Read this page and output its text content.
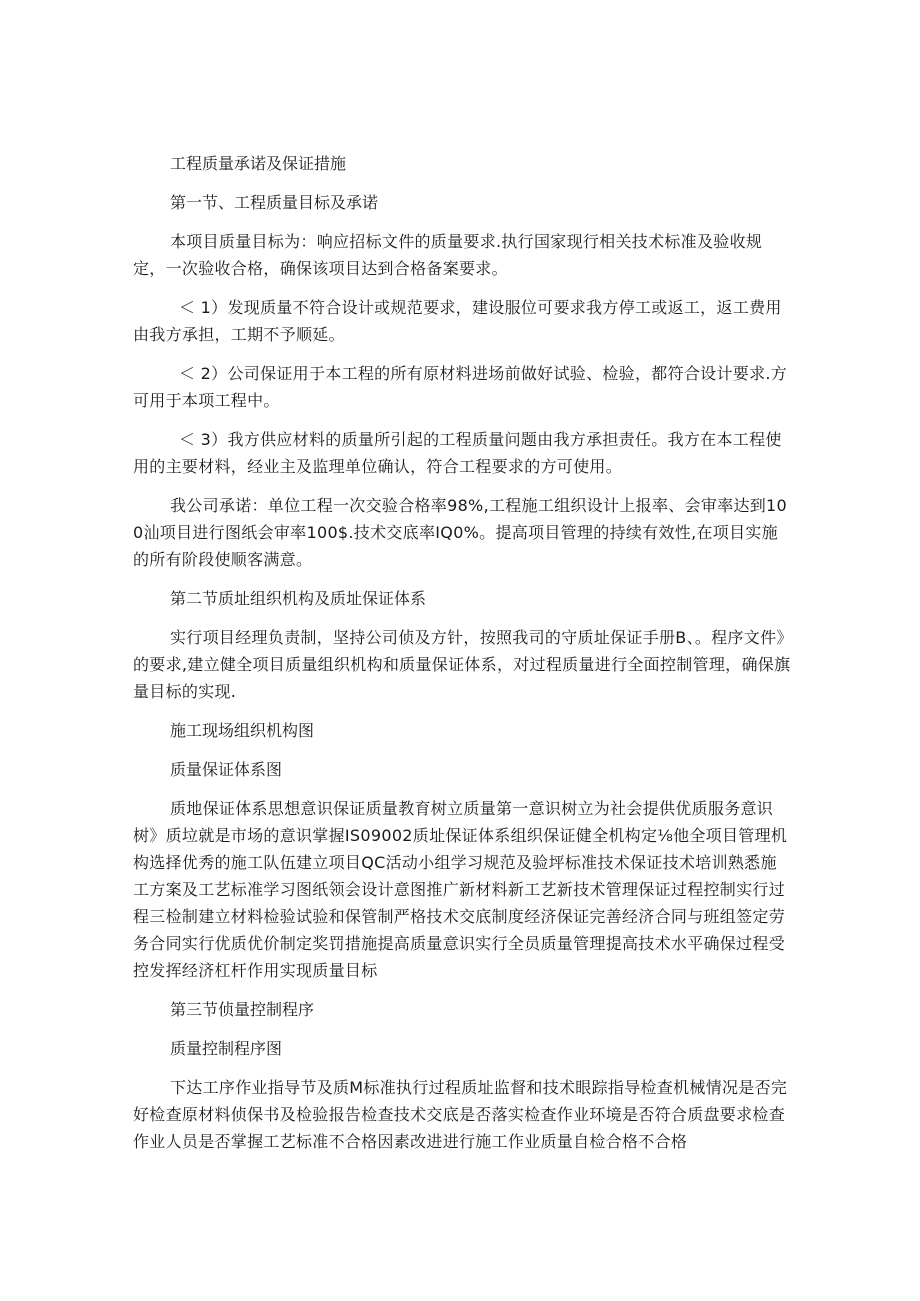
工程质量承诺及保证措施

第一节、工程质量目标及承诺

本项目质量目标为：响应招标文件的质量要求.执行国家现行相关技术标准及验收规定，一次验收合格，确保该项目达到合格备案要求。

＜ 1）发现质量不符合设计或规范要求，建设服位可要求我方停工或返工，返工费用由我方承担，工期不予顺延。

＜ 2）公司保证用于本工程的所有原材料进场前做好试验、检验，都符合设计要求.方可用于本项工程中。

＜ 3）我方供应材料的质量所引起的工程质量问题由我方承担责任。我方在本工程使用的主要材料，经业主及监理单位确认，符合工程要求的方可使用。

我公司承诺：单位工程一次交验合格率98%,工程施工组织设计上报率、会审率达到100汕项目进行图纸会审率100$.技术交底率IQ0%。提高项目管理的持续有效性,在项目实施的所有阶段使顺客满意。

第二节质址组织机构及质址保证体系

实行项目经理负责制，坚持公司侦及方针，按照我司的守质址保证手册B、。程序文件》的要求,建立健全项目质量组织机构和质量保证体系，对过程质量进行全面控制管理，确保旗量目标的实现.

施工现场组织机构图

质量保证体系图

质地保证体系思想意识保证质量教育树立质量第一意识树立为社会提供优质服务意识树》质垃就是市场的意识掌握IS09002质址保证体系组织保证健全机构定⅛他全项目管理机构选择优秀的施工队伍建立项目QC活动小组学习规范及验坪标准技术保证技术培训熟悉施工方案及工艺标准学习图纸领会设计意图推广新材料新工艺新技术管理保证过程控制实行过程三检制建立材料检验试验和保管制严格技术交底制度经济保证完善经济合同与班组签定劳务合同实行优质优价制定奖罚措施提高质量意识实行全员质量管理提高技术水平确保过程受控发挥经济杠杆作用实现质量目标

第三节侦量控制程序

质量控制程序图

下达工序作业指导节及质M标准执行过程质址监督和技术眼踪指导检查机械情况是否完好检查原材料侦保书及检验报告检查技术交底是否落实检查作业环境是否符合质盘要求检查作业人员是否掌握工艺标准不合格因素改进进行施工作业质量自检合格不合格
